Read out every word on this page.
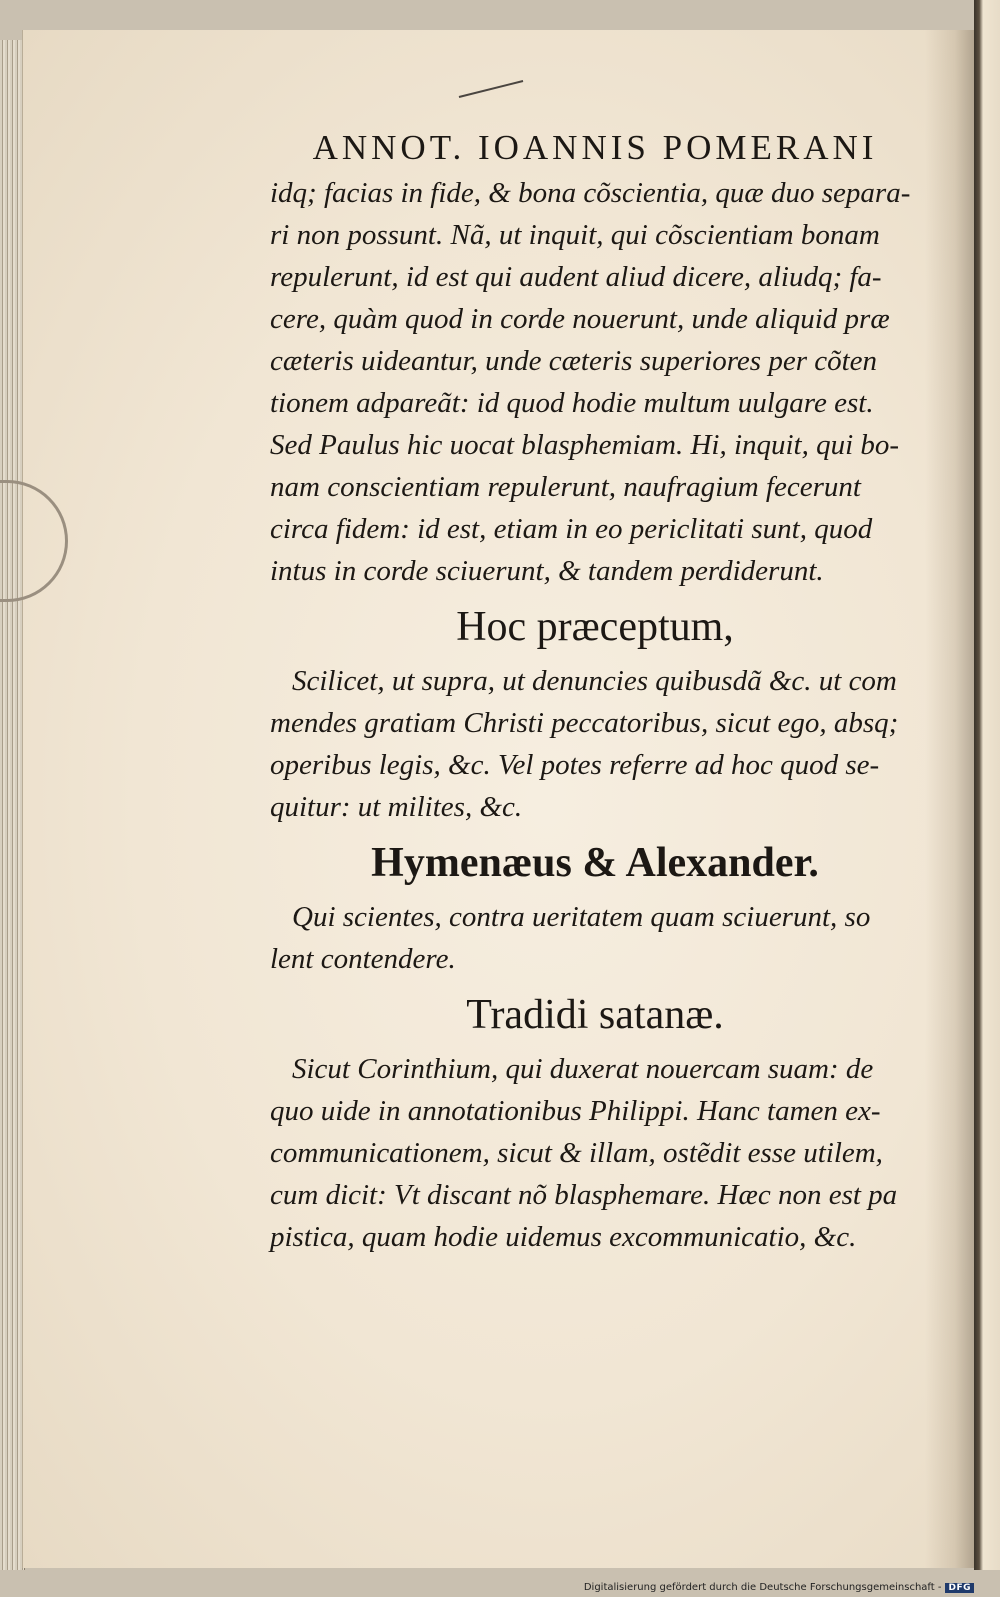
ANNOT. IOANNIS POMERANI
idq; facias in fide, & bona cõscientia, quæ duo separa-
ri non possunt. Nã, ut inquit, qui cõscientiam bonam
repulerunt, id est qui audent aliud dicere, aliudq; fa-
cere, quàm quod in corde nouerunt, unde aliquid præ
cæteris uideantur, unde cæteris superiores per cõten
tionem adpareãt: id quod hodie multum uulgare est.
Sed Paulus hic uocat blasphemiam. Hi, inquit, qui bo-
nam conscientiam repulerunt, naufragium fecerunt
circa fidem: id est, etiam in eo periclitati sunt, quod
intus in corde sciuerunt, & tandem perdiderunt.
Hoc præceptum,
Scilicet, ut supra, ut denuncies quibusdã &c. ut com
mendes gratiam Christi peccatoribus, sicut ego, absq;
operibus legis, &c. Vel potes referre ad hoc quod se-
quitur: ut milites, &c.
Hymenæus & Alexander.
Qui scientes, contra ueritatem quam sciuerunt, so
lent contendere.
Tradidi satanæ.
Sicut Corinthium, qui duxerat nouercam suam: de
quo uide in annotationibus Philippi. Hanc tamen ex-
communicationem, sicut & illam, ostẽdit esse utilem,
cum dicit: Vt discant nõ blasphemare. Hæc non est pa
pistica, quam hodie uidemus excommunicatio, &c.
Digitalisierung gefördert durch die Deutsche Forschungsgemeinschaft - DFG
